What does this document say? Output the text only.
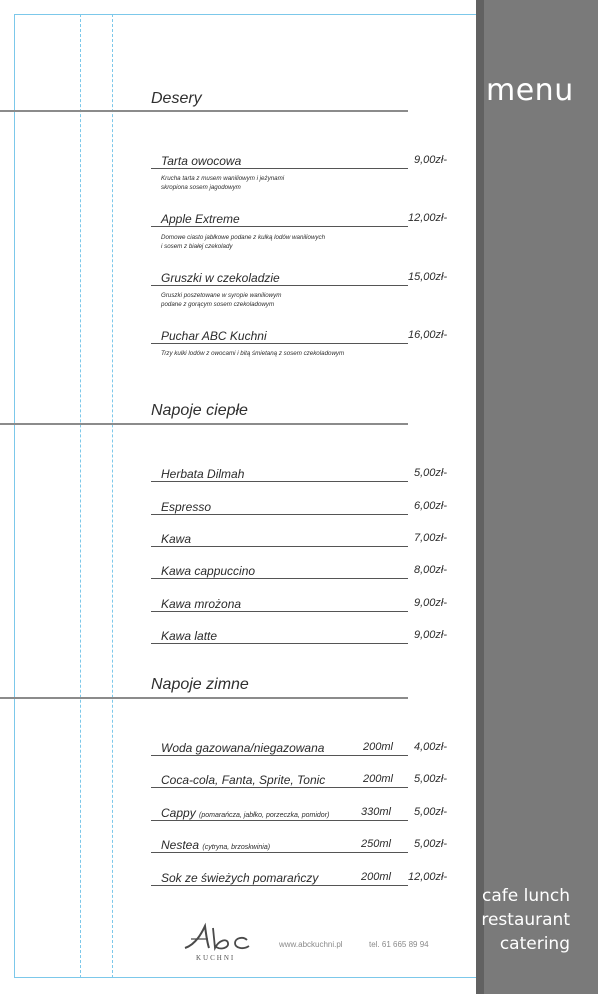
menu
cafe lunch
restaurant
catering
Desery
Tarta owocowa	9,00zł-
Krucha tarta z musem waniliowym i jeżynami
skropiona sosem jagodowym
Apple Extreme	12,00zł-
Domowe ciasto jabłkowe podane z kulką lodów waniliowych
i sosem z białej czekolady
Gruszki w czekoladzie	15,00zł-
Gruszki poszetowane w syropie waniliowym
podane z gorącym sosem czekoladowym
Puchar ABC Kuchni	16,00zł-
Trzy kulki lodów z owocami i bitą śmietaną z sosem czekoladowym
Napoje ciepłe
Herbata Dilmah	5,00zł-
Espresso	6,00zł-
Kawa	7,00zł-
Kawa cappuccino	8,00zł-
Kawa mrożona	9,00zł-
Kawa latte	9,00zł-
Napoje zimne
Woda gazowana/niegazowana	200ml 4,00zł-
Coca-cola, Fanta, Sprite, Tonic	200ml 5,00zł-
Cappy (pomarańcza, jabłko, porzeczka, pomidor)	330ml 5,00zł-
Nestea (cytryna, brzoskwinia)	250ml 5,00zł-
Sok ze świeżych pomarańczy	200ml 12,00zł-
KUCHNI
www.abckuchni.pl	tel. 61 665 89 94
